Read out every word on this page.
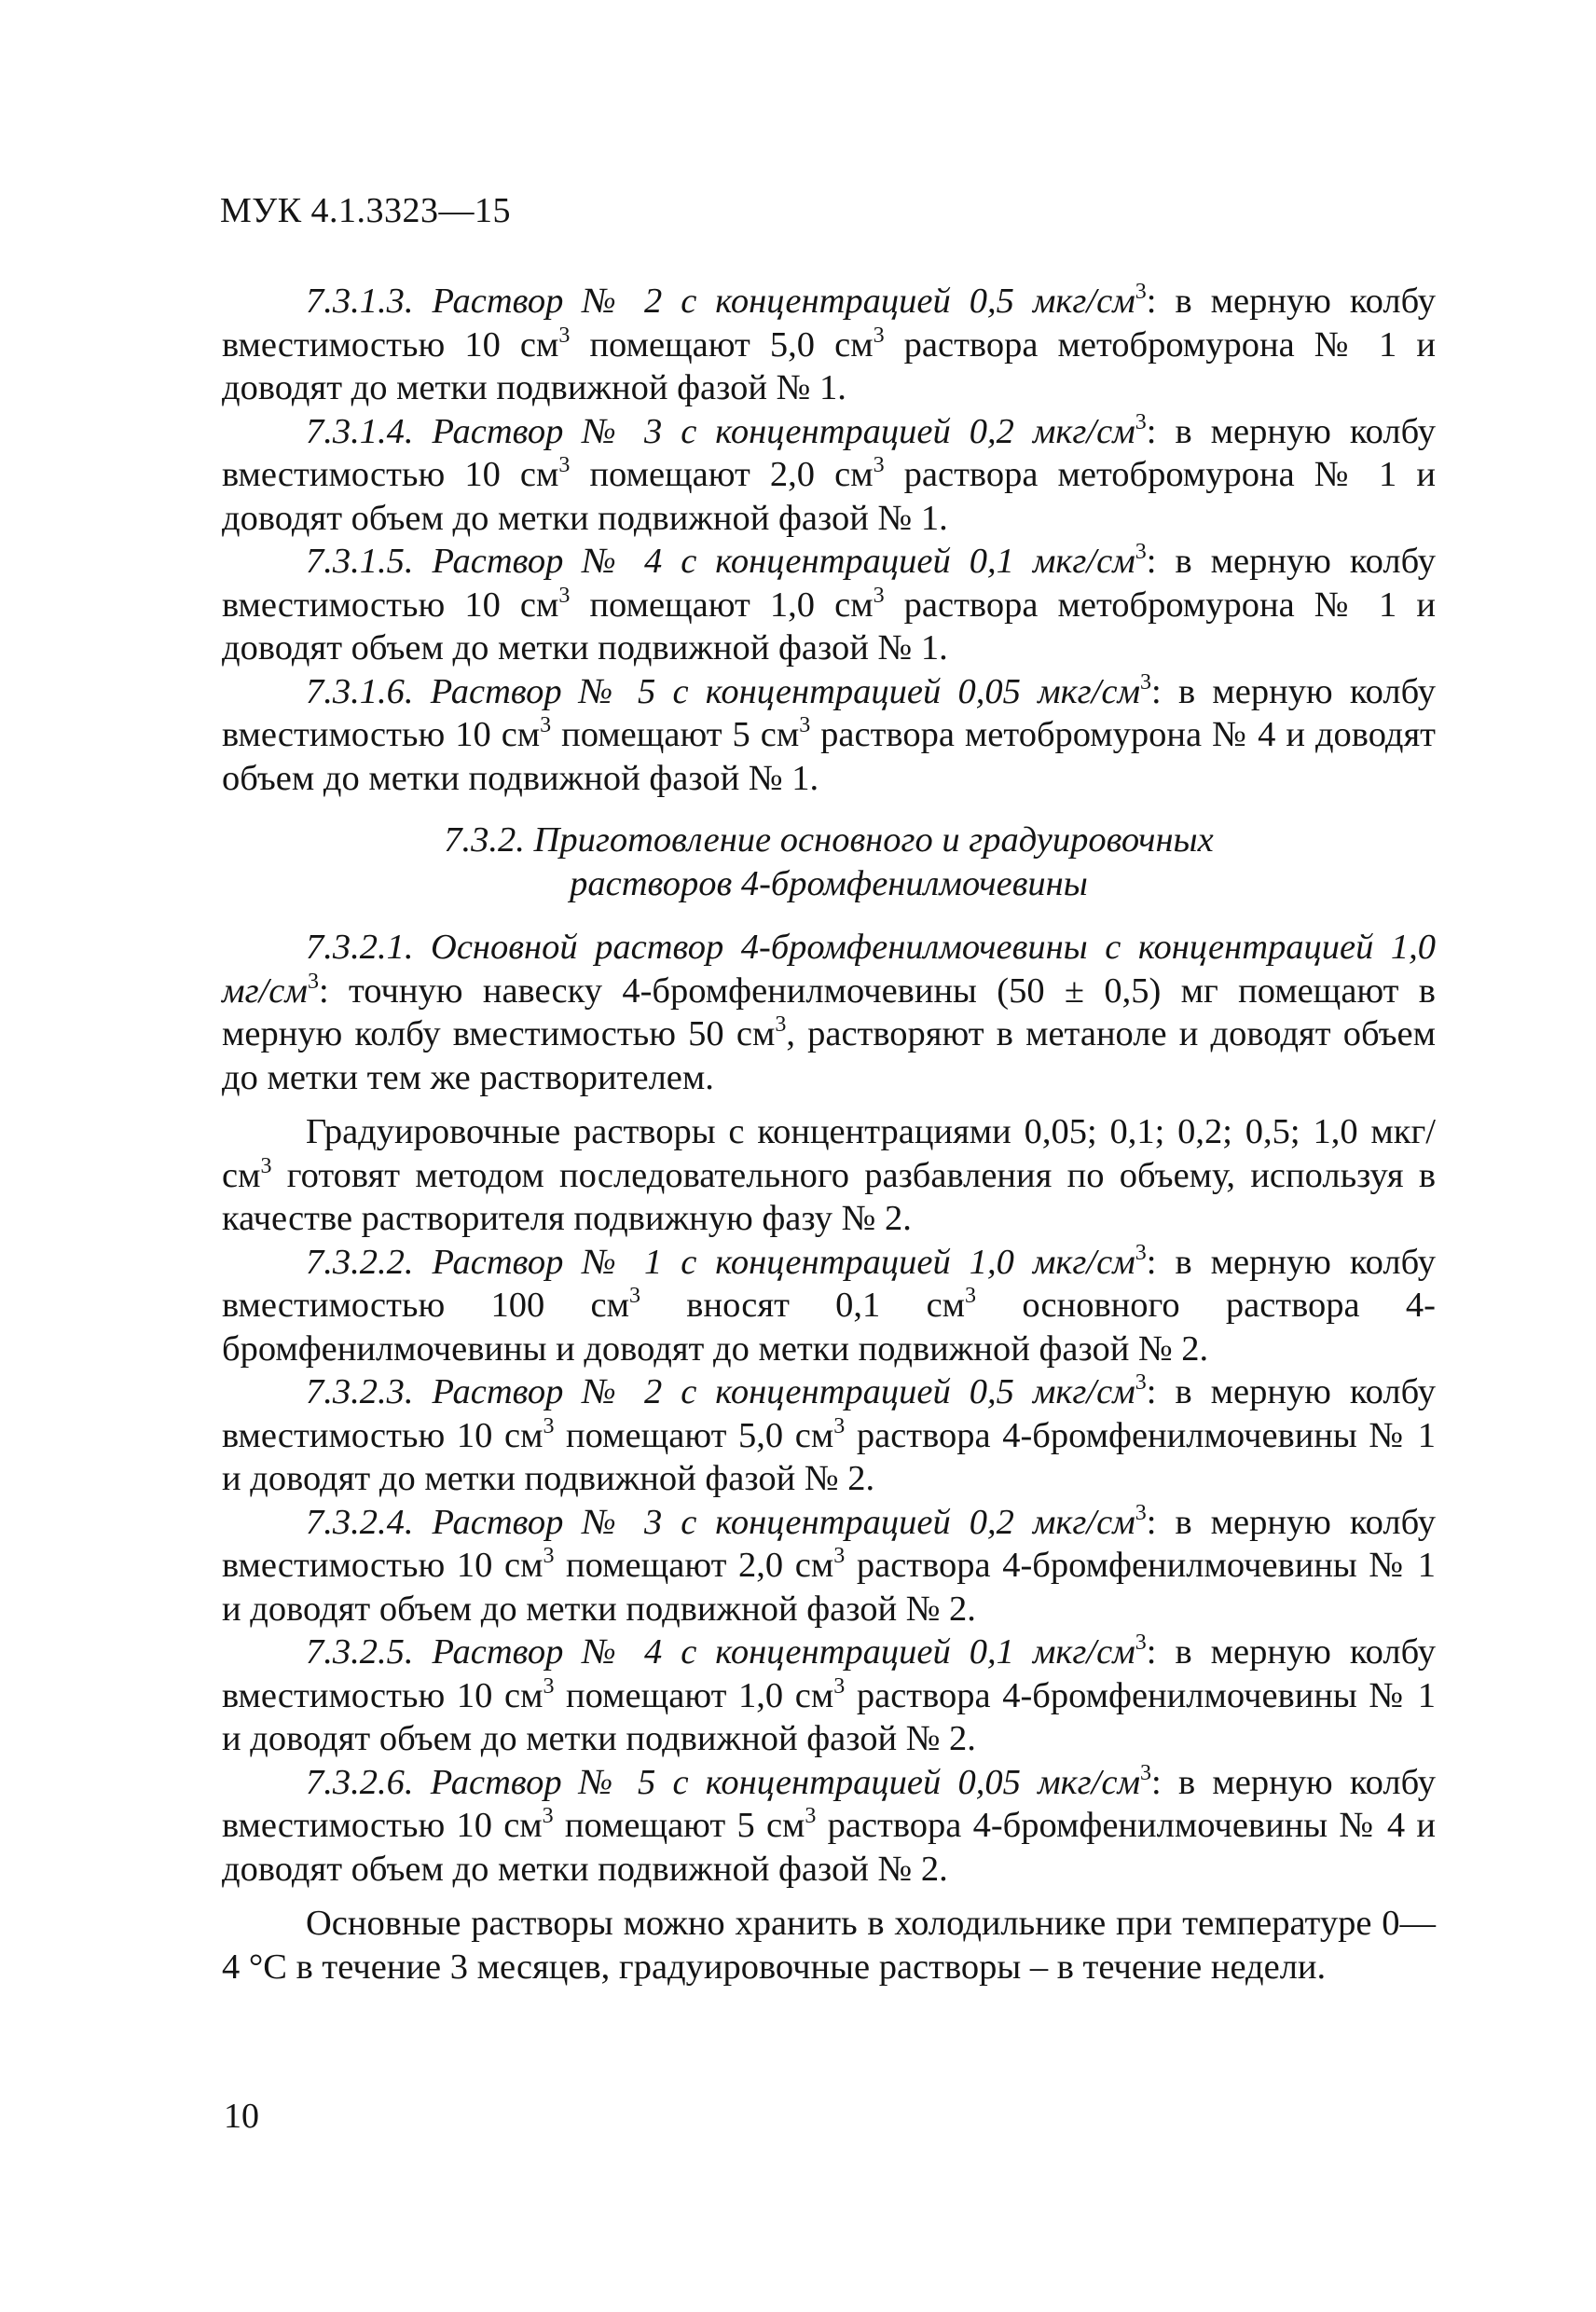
МУК 4.1.3323—15

7.3.1.3. Раствор № 2 с концентрацией 0,5 мкг/$см^3$: в мерную колбу вместимостью 10 $см^3$ помещают 5,0 $см^3$ раствора метобромурона № 1 и доводят до метки подвижной фазой № 1.

7.3.1.4. Раствор № 3 с концентрацией 0,2 мкг/$см^3$: в мерную колбу вместимостью 10 $см^3$ помещают 2,0 $см^3$ раствора метобромурона № 1 и доводят объем до метки подвижной фазой № 1.

7.3.1.5. Раствор № 4 с концентрацией 0,1 мкг/$см^3$: в мерную колбу вместимостью 10 $см^3$ помещают 1,0 $см^3$ раствора метобромурона № 1 и доводят объем до метки подвижной фазой № 1.

7.3.1.6. Раствор № 5 с концентрацией 0,05 мкг/$см^3$: в мерную колбу вместимостью 10 $см^3$ помещают 5 $см^3$ раствора метобромурона № 4 и доводят объем до метки подвижной фазой № 1.

7.3.2. Приготовление основного и градуировочных
растворов 4-бромфенилмочевины

7.3.2.1. Основной раствор 4-бромфенилмочевины с концентрацией 1,0 $мг/см^3$: точную навеску 4-бромфенилмочевины (50 ± 0,5) мг помещают в мерную колбу вместимостью 50 $см^3$, растворяют в метаноле и доводят объем до метки тем же растворителем.

Градуировочные растворы с концентрациями 0,05; 0,1; 0,2; 0,5; 1,0 мкг/$см^3$ готовят методом последовательного разбавления по объему, используя в качестве растворителя подвижную фазу № 2.

7.3.2.2. Раствор № 1 с концентрацией 1,0 мкг/$см^3$: в мерную колбу вместимостью 100 $см^3$ вносят 0,1 $см^3$ основного раствора 4-бромфенилмочевины и доводят до метки подвижной фазой № 2.

7.3.2.3. Раствор № 2 с концентрацией 0,5 мкг/$см^3$: в мерную колбу вместимостью 10 $см^3$ помещают 5,0 $см^3$ раствора 4-бромфенилмочевины № 1 и доводят до метки подвижной фазой № 2.

7.3.2.4. Раствор № 3 с концентрацией 0,2 мкг/$см^3$: в мерную колбу вместимостью 10 $см^3$ помещают 2,0 $см^3$ раствора 4-бромфенилмочевины № 1 и доводят объем до метки подвижной фазой № 2.

7.3.2.5. Раствор № 4 с концентрацией 0,1 мкг/$см^3$: в мерную колбу вместимостью 10 $см^3$ помещают 1,0 $см^3$ раствора 4-бромфенилмочевины № 1 и доводят объем до метки подвижной фазой № 2.

7.3.2.6. Раствор № 5 с концентрацией 0,05 мкг/$см^3$: в мерную колбу вместимостью 10 $см^3$ помещают 5 $см^3$ раствора 4-бромфенилмочевины № 4 и доводят объем до метки подвижной фазой № 2.

Основные растворы можно хранить в холодильнике при температуре 0—4 °С в течение 3 месяцев, градуировочные растворы – в течение недели.

10
